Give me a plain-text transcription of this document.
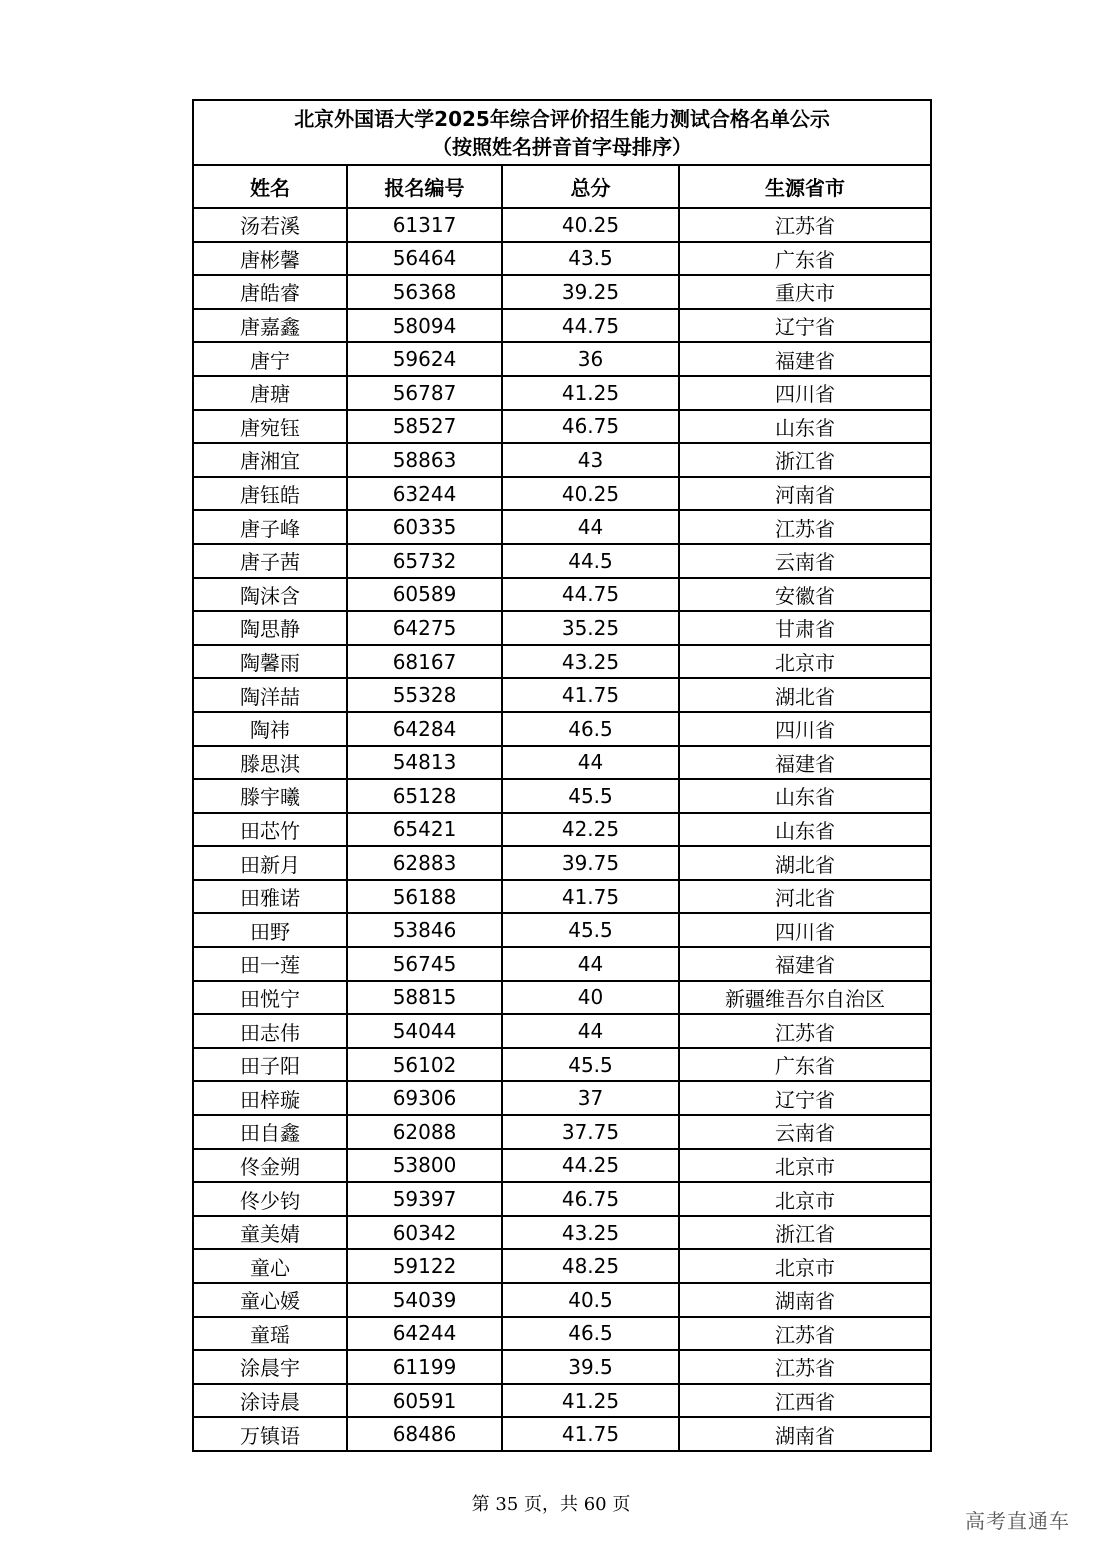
北京外国语大学2025年综合评价招生能力测试合格名单公示
（按照姓名拼音首字母排序）			

姓名	报名编号	总分	生源省市
汤若溪	61317	40.25	江苏省
唐彬馨	56464	43.5	广东省
唐皓睿	56368	39.25	重庆市
唐嘉鑫	58094	44.75	辽宁省
唐宁	59624	36	福建省
唐瑭	56787	41.25	四川省
唐宛钰	58527	46.75	山东省
唐湘宜	58863	43	浙江省
唐钰皓	63244	40.25	河南省
唐子峰	60335	44	江苏省
唐子茜	65732	44.5	云南省
陶沫含	60589	44.75	安徽省
陶思静	64275	35.25	甘肃省
陶馨雨	68167	43.25	北京市
陶洋喆	55328	41.75	湖北省
陶祎	64284	46.5	四川省
滕思淇	54813	44	福建省
滕宇曦	65128	45.5	山东省
田芯竹	65421	42.25	山东省
田新月	62883	39.75	湖北省
田雅诺	56188	41.75	河北省
田野	53846	45.5	四川省
田一莲	56745	44	福建省
田悦宁	58815	40	新疆维吾尔自治区
田志伟	54044	44	江苏省
田子阳	56102	45.5	广东省
田梓璇	69306	37	辽宁省
田自鑫	62088	37.75	云南省
佟金朔	53800	44.25	北京市
佟少钧	59397	46.75	北京市
童美婧	60342	43.25	浙江省
童心	59122	48.25	北京市
童心媛	54039	40.5	湖南省
童瑶	64244	46.5	江苏省
涂晨宇	61199	39.5	江苏省
涂诗晨	60591	41.25	江西省
万镇语	68486	41.75	湖南省
第 35 页，共 60 页
高考直通车
